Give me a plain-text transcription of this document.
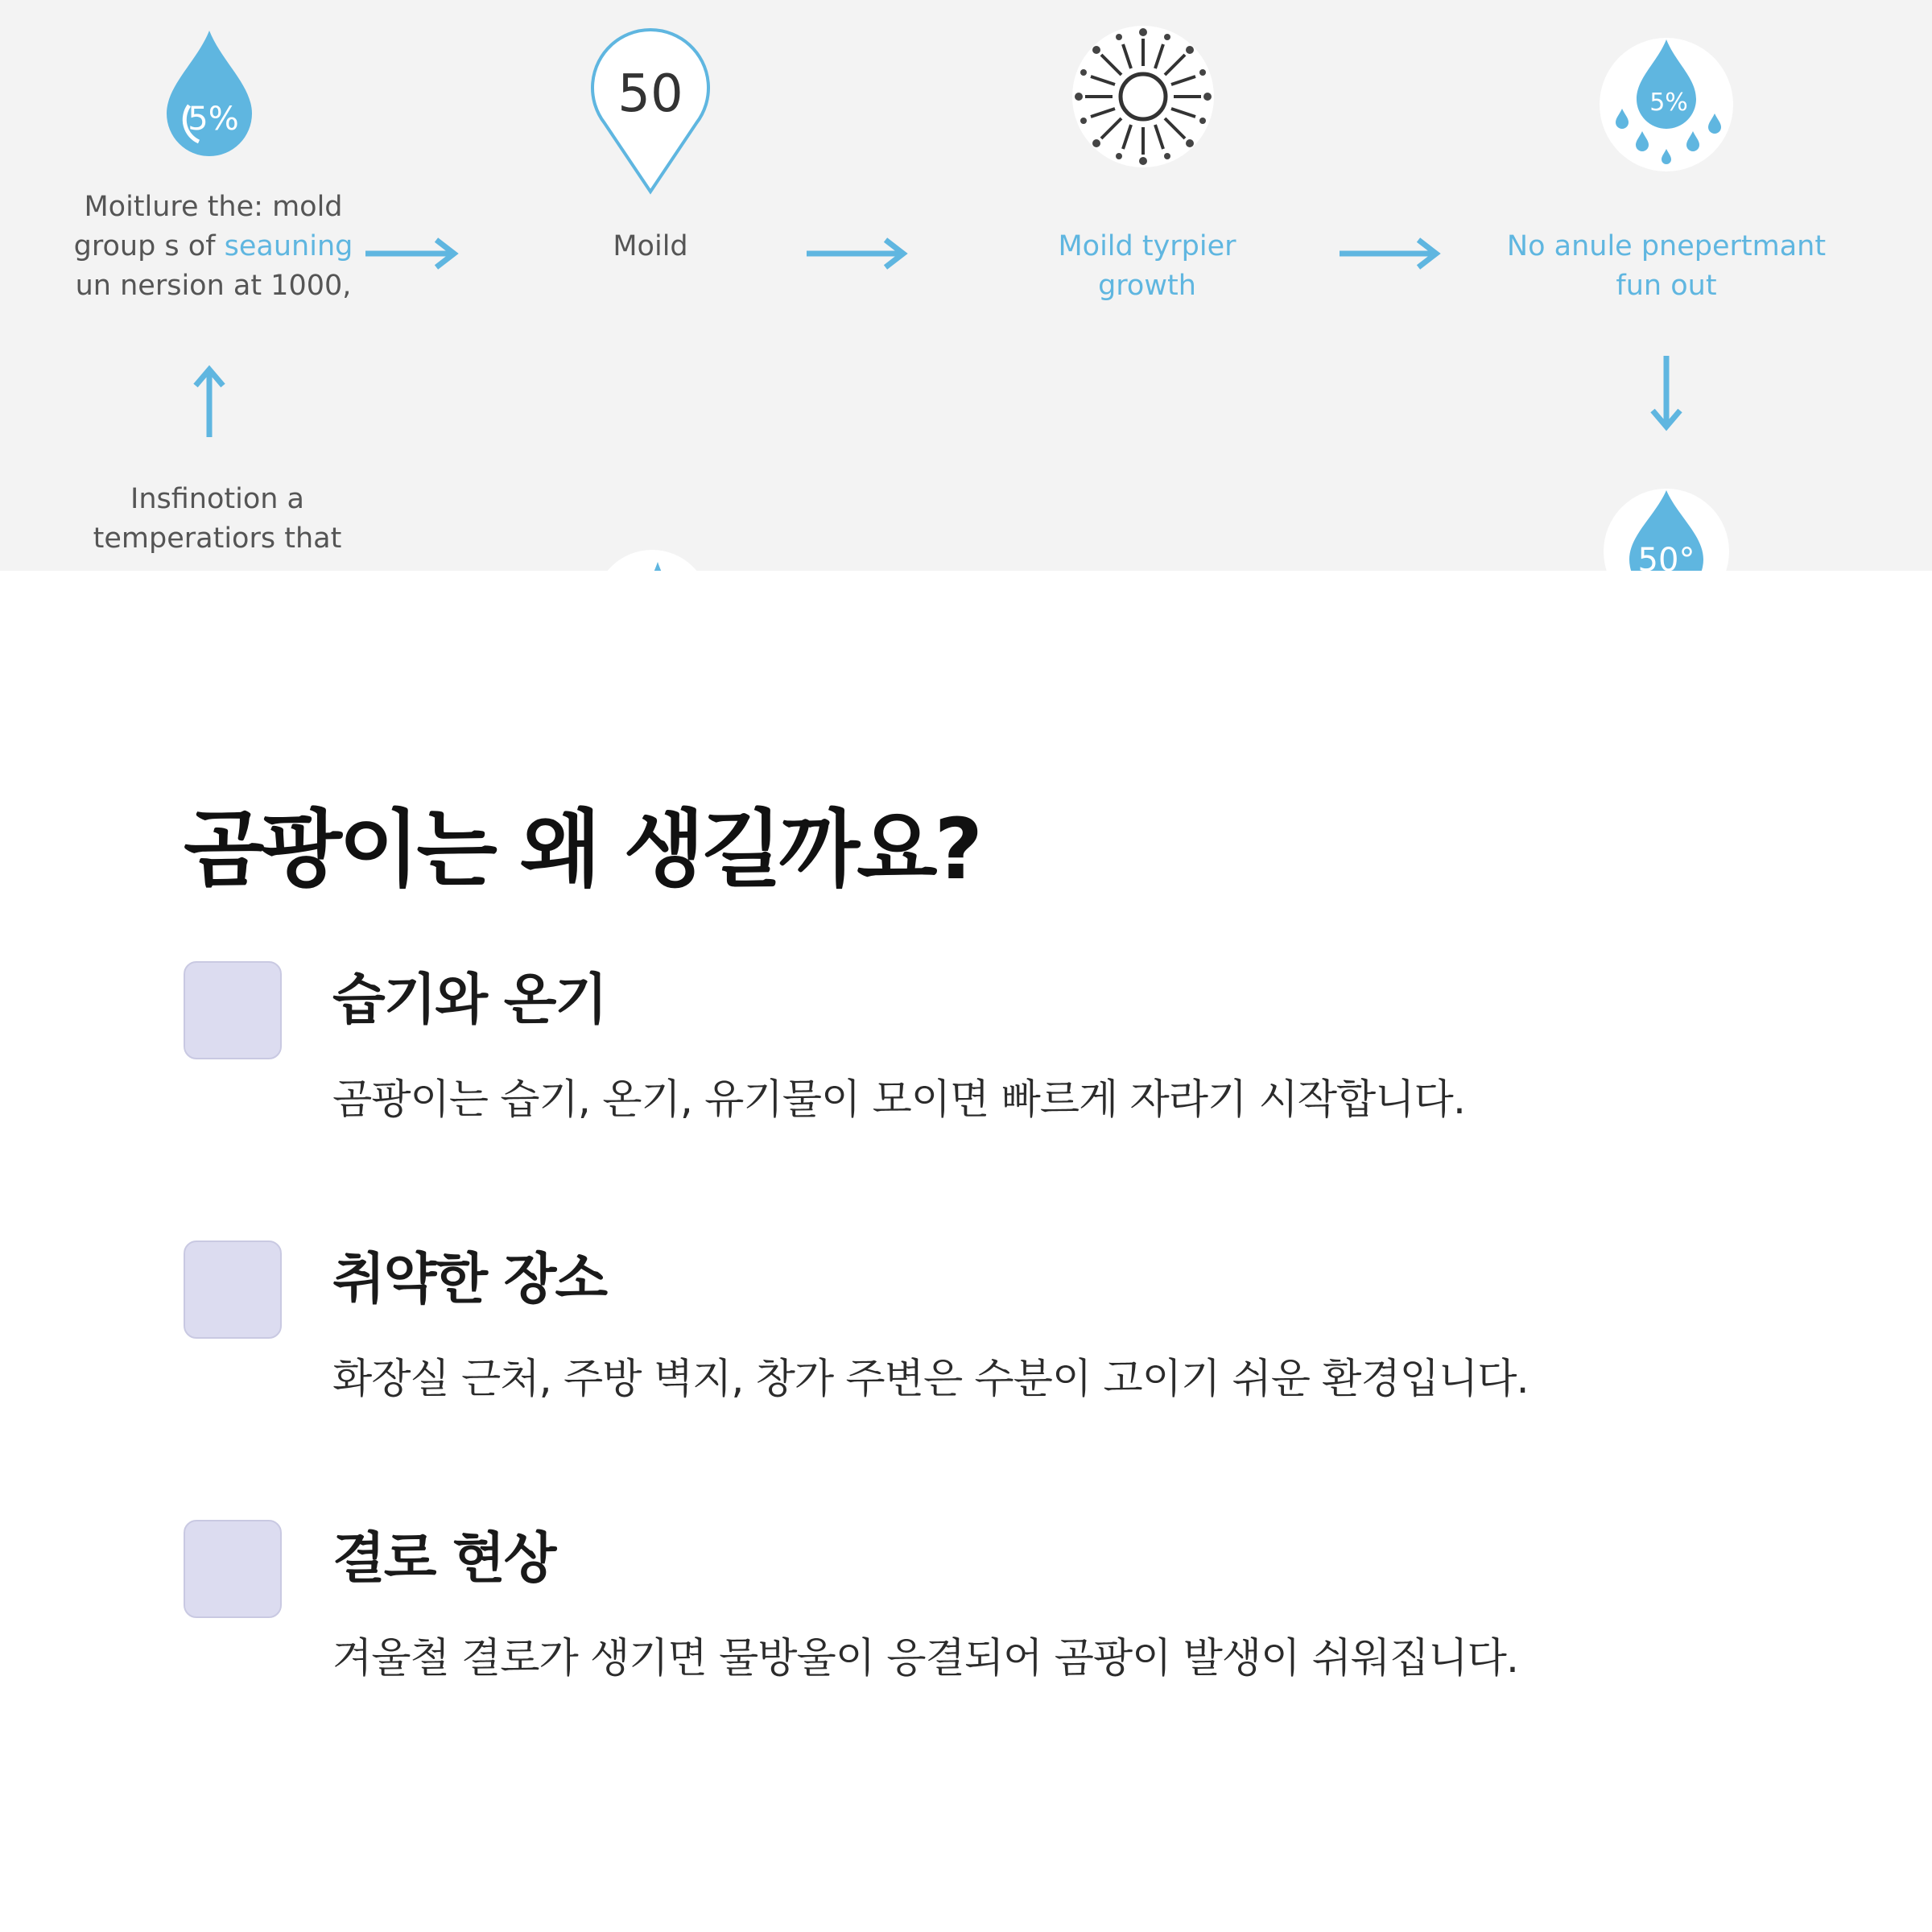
5%
Moitlure the: mold
group s of seauning
un nersion at 1000,
50
Moild	Moild tyrpier
growth
5%
No anule pnepertmant
fun out
Insfinotion a
temperatiors that
50°
곰팡이는 왜 생길까요?
습기와 온기
곰팡이는 습기, 온기, 유기물이 모이면 빠르게 자라기 시작합니다.
취약한 장소
화장실 근처, 주방 벽지, 창가 주변은 수분이 고이기 쉬운 환경입니다.
결로 현상
겨울철 결로가 생기면 물방울이 응결되어 곰팡이 발생이 쉬워집니다.
